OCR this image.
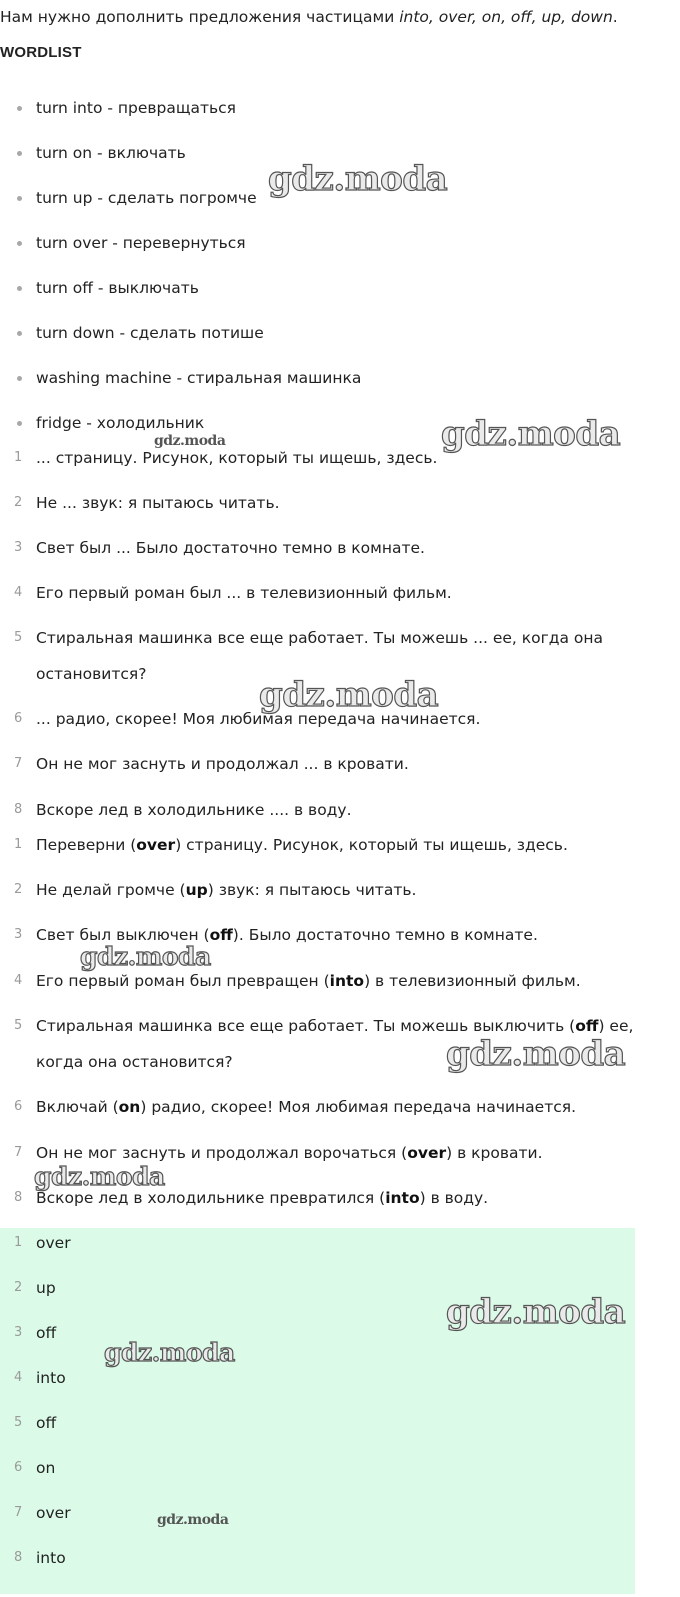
Нам нужно дополнить предложения частицами into, over, on, off, up, down.
WORDLIST
turn into - превращаться
turn on - включать
turn up - сделать погромче
turn over - перевернуться
turn off - выключать
turn down - сделать потише
washing machine - стиральная машинка
fridge - холодильник
1 ... страницу. Рисунок, который ты ищешь, здесь.
2 Не ... звук: я пытаюсь читать.
3 Свет был ... Было достаточно темно в комнате.
4 Его первый роман был ... в телевизионный фильм.
5 Стиральная машинка все еще работает. Ты можешь ... ее, когда она
остановится?
6 ... радио, скорее! Моя любимая передача начинается.
7 Он не мог заснуть и продолжал ... в кровати.
8 Вскоре лед в холодильнике .... в воду.
1 Переверни (over) страницу. Рисунок, который ты ищешь, здесь.
2 Не делай громче (up) звук: я пытаюсь читать.
3 Свет был выключен (off). Было достаточно темно в комнате.
4 Его первый роман был превращен (into) в телевизионный фильм.
5 Стиральная машинка все еще работает. Ты можешь выключить (off) ее,
когда она остановится?
6 Включай (on) радио, скорее! Моя любимая передача начинается.
7 Он не мог заснуть и продолжал ворочаться (over) в кровати.
8 Вскоре лед в холодильнике превратился (into) в воду.
1 over
2 up
3 off
4 into
5 off
6 on
7 over
8 into
gdz.moda
gdz.moda
gdz.moda
gdz.moda
gdz.moda
gdz.moda
gdz.moda
gdz.moda
gdz.moda
gdz.moda
